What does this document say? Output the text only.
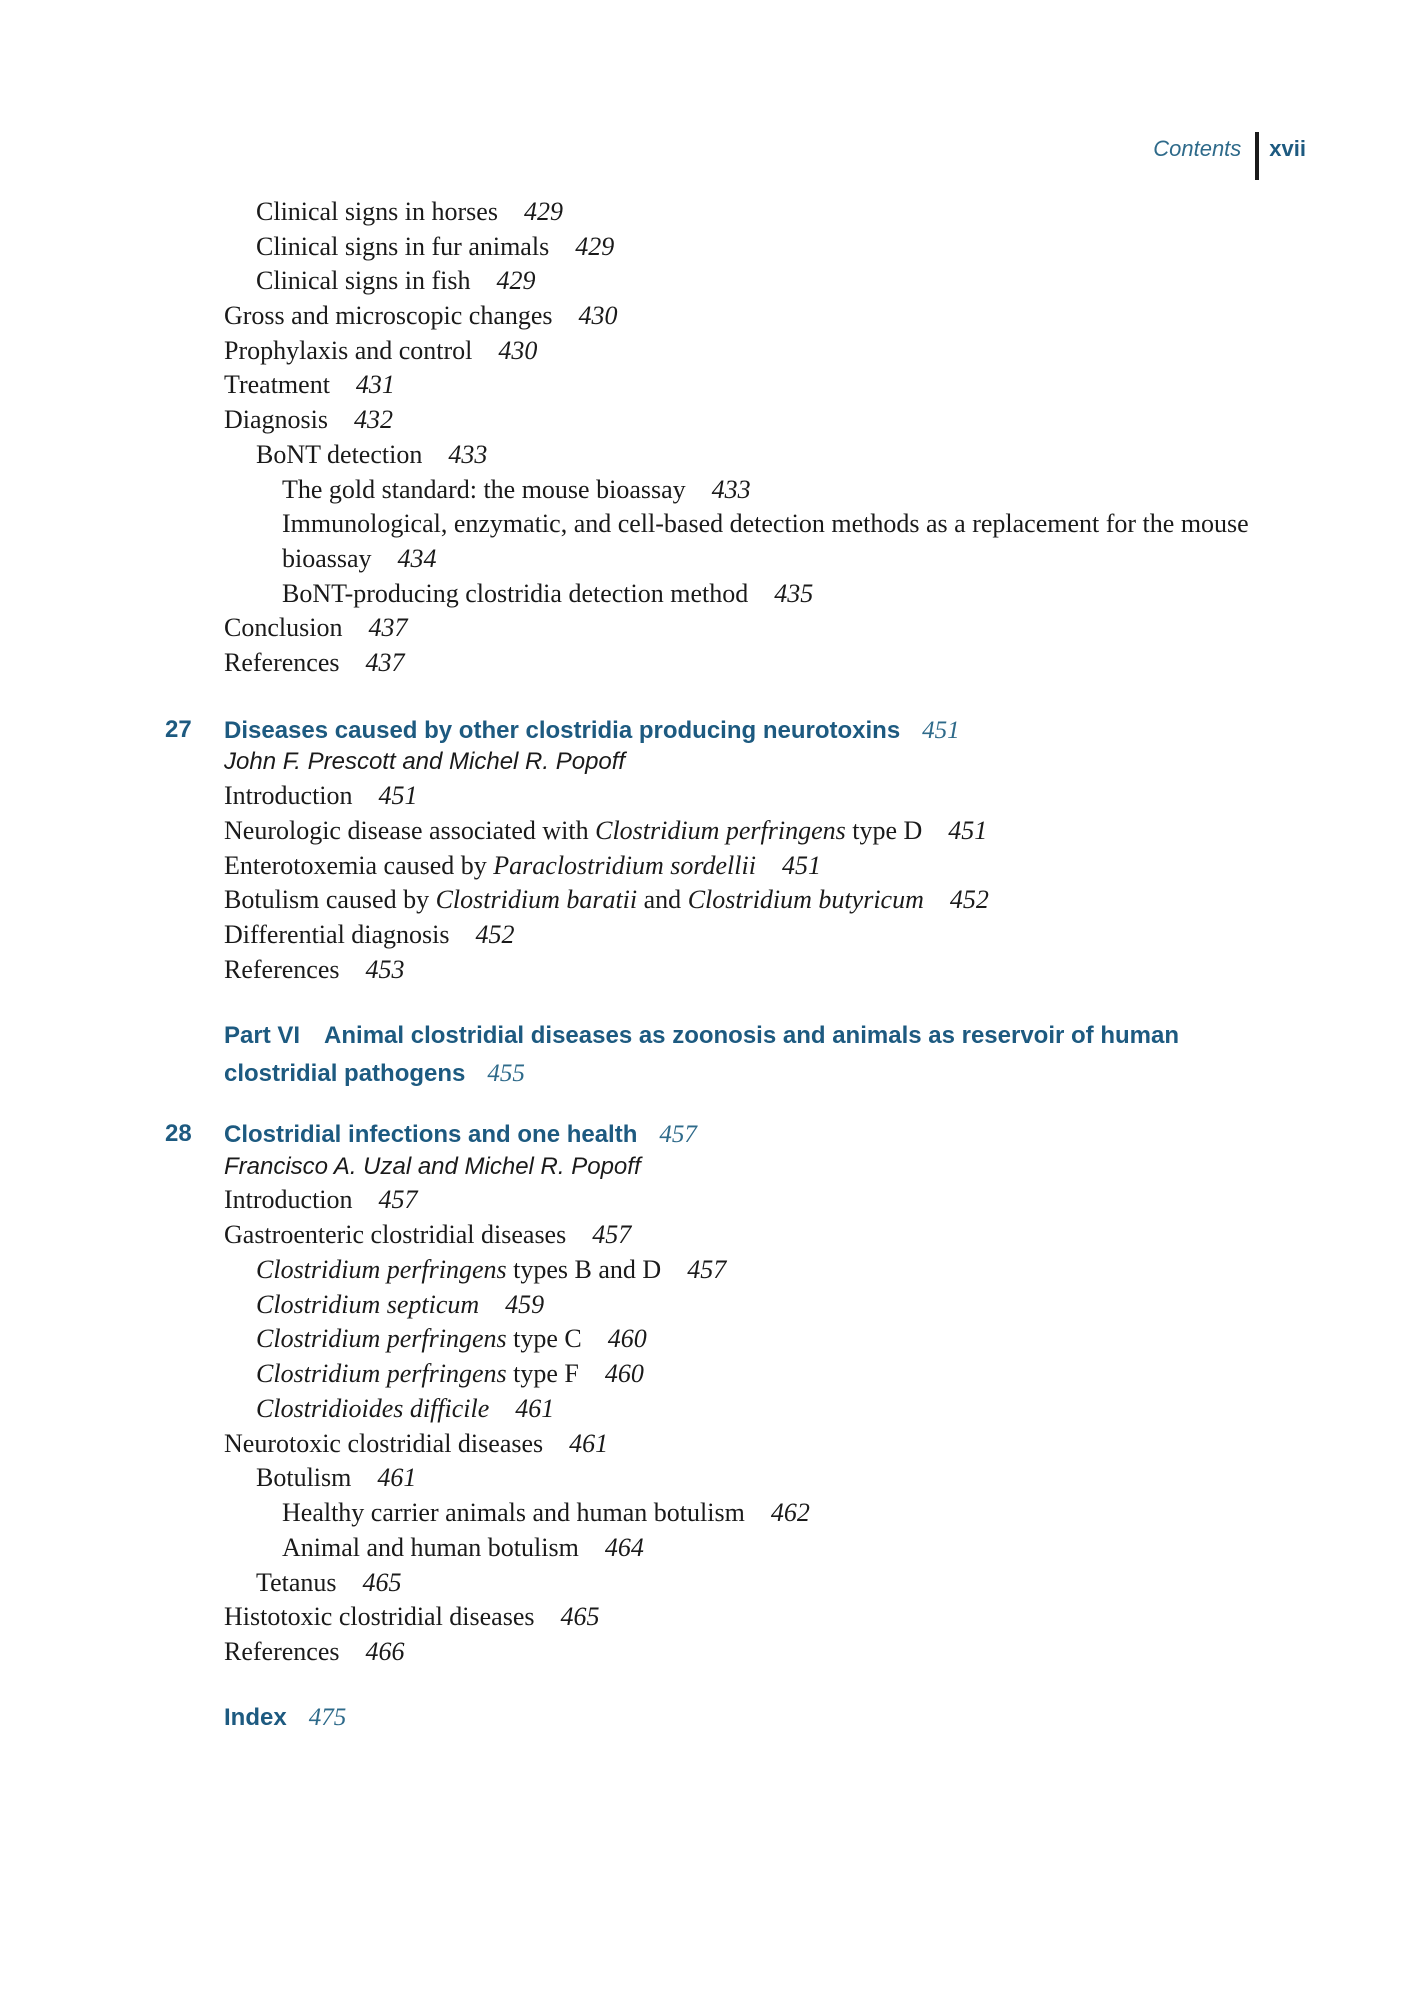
Contents xvii
Clinical signs in horses 429
Clinical signs in fur animals 429
Clinical signs in fish 429
Gross and microscopic changes 430
Prophylaxis and control 430
Treatment 431
Diagnosis 432
BoNT detection 433
The gold standard: the mouse bioassay 433
Immunological, enzymatic, and cell-based detection methods as a replacement for the mouse bioassay 434
BoNT-producing clostridia detection method 435
Conclusion 437
References 437
27 Diseases caused by other clostridia producing neurotoxins 451
John F. Prescott and Michel R. Popoff
Introduction 451
Neurologic disease associated with Clostridium perfringens type D 451
Enterotoxemia caused by Paraclostridium sordellii 451
Botulism caused by Clostridium baratii and Clostridium butyricum 452
Differential diagnosis 452
References 453
Part VI Animal clostridial diseases as zoonosis and animals as reservoir of human clostridial pathogens 455
28 Clostridial infections and one health 457
Francisco A. Uzal and Michel R. Popoff
Introduction 457
Gastroenteric clostridial diseases 457
Clostridium perfringens types B and D 457
Clostridium septicum 459
Clostridium perfringens type C 460
Clostridium perfringens type F 460
Clostridioides difficile 461
Neurotoxic clostridial diseases 461
Botulism 461
Healthy carrier animals and human botulism 462
Animal and human botulism 464
Tetanus 465
Histotoxic clostridial diseases 465
References 466
Index 475
